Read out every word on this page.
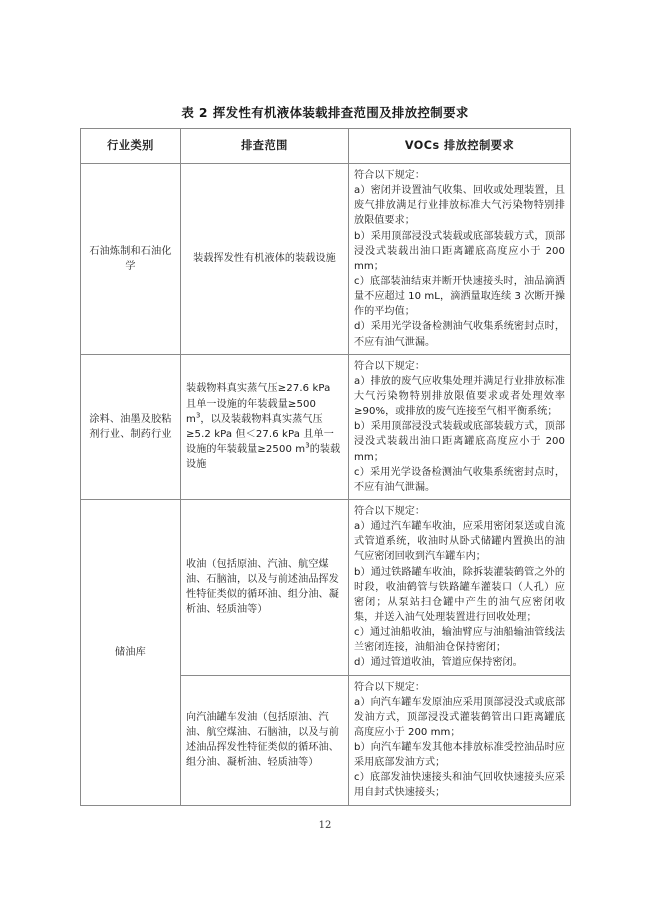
表 2 挥发性有机液体装载排查范围及排放控制要求
行业类别	排查范围	VOCs 排放控制要求
石油炼制和石油化学	装载挥发性有机液体的装载设施	符合以下规定：
a）密闭并设置油气收集、回收或处理装置，且废气排放满足行业排放标准大气污染物特别排放限值要求；
b）采用顶部浸没式装载或底部装载方式，顶部浸没式装载出油口距离罐底高度应小于 200 mm；
c）底部装油结束并断开快速接头时，油品滴洒量不应超过 10 mL，滴洒量取连续 3 次断开操作的平均值；
d）采用光学设备检测油气收集系统密封点时，不应有油气泄漏。

涂料、油墨及胶粘剂行业、制药行业	装载物料真实蒸气压≥27.6 kPa 且单一设施的年装载量≥500 $m^3$，以及装载物料真实蒸气压≥5.2 kPa 但＜27.6 kPa 且单一设施的年装载量≥2500 $m^3$的装载设施	符合以下规定：
a）排放的废气应收集处理并满足行业排放标准大气污染物特别排放限值要求或者处理效率≥90%，或排放的废气连接至气相平衡系统；
b）采用顶部浸没式装载或底部装载方式，顶部浸没式装载出油口距离罐底高度应小于 200 mm；
c）采用光学设备检测油气收集系统密封点时，不应有油气泄漏。

储油库	收油（包括原油、汽油、航空煤油、石脑油，以及与前述油品挥发性特征类似的循环油、组分油、凝析油、轻质油等）	符合以下规定：
a）通过汽车罐车收油，应采用密闭泵送或自流式管道系统，收油时从卧式储罐内置换出的油气应密闭回收到汽车罐车内；
b）通过铁路罐车收油，除拆装灌装鹤管之外的时段，收油鹤管与铁路罐车灌装口（人孔）应密闭；从泵站扫仓罐中产生的油气应密闭收集，并送入油气处理装置进行回收处理；
c）通过油船收油，输油臂应与油船输油管线法兰密闭连接，油船油仓保持密闭；
d）通过管道收油，管道应保持密闭。

	向汽油罐车发油（包括原油、汽油、航空煤油、石脑油，以及与前述油品挥发性特征类似的循环油、组分油、凝析油、轻质油等）	符合以下规定：
a）向汽车罐车发原油应采用顶部浸没式或底部发油方式，顶部浸没式灌装鹤管出口距离罐底高度应小于 200 mm；
b）向汽车罐车发其他本排放标准受控油品时应采用底部发油方式；
c）底部发油快速接头和油气回收快速接头应采用自封式快速接头；
12
